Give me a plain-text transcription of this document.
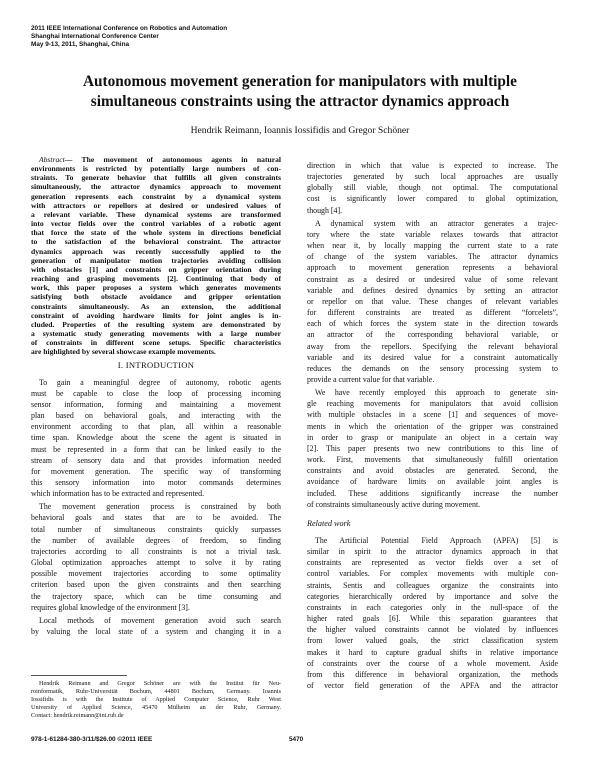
2011 IEEE International Conference on Robotics and Automation
Shanghai International Conference Center
May 9-13, 2011, Shanghai, China
Autonomous movement generation for manipulators with multiple
simultaneous constraints using the attractor dynamics approach
Hendrik Reimann, Ioannis Iossifidis and Gregor Schöner
Abstract— The movement of autonomous agents in natural
environments is restricted by potentially large numbers of con-
straints. To generate behavior that fulfills all given constraints
simultaneously, the attractor dynamics approach to movement
generation represents each constraint by a dynamical system
with attractors or repellors at desired or undesired values of
a relevant variable. These dynamical systems are transformed
into vector fields over the control variables of a robotic agent
that force the state of the whole system in directions beneficial
to the satisfaction of the behavioral constraint. The attractor
dynamics approach was recently successfully applied to the
generation of manipulator motion trajectories avoiding collision
with obstacles [1] and constraints on gripper orientation during
reaching and grasping movements [2]. Continuing that body of
work, this paper proposes a system which generates movements
satisfying both obstacle avoidance and gripper orientation
constraints simultaneously. As an extension, the additional
constraint of avoiding hardware limits for joint angles is in-
cluded. Properties of the resulting system are demonstrated by
a systematic study generating movements with a large number
of constraints in different scene setups. Specific characteristics
are highlighted by several showcase example movements.
I. INTRODUCTION
To gain a meaningful degree of autonomy, robotic agents
must be capable to close the loop of processing incoming
sensor information, forming and maintaining a movement
plan based on behavioral goals, and interacting with the
environment according to that plan, all within a reasonable
time span. Knowledge about the scene the agent is situated in
must be represented in a form that can be linked easily to the
stream of sensory data and that provides information needed
for movement generation. The specific way of transforming
this sensory information into motor commands determines
which information has to be extracted and represented.
The movement generation process is constrained by both
behavioral goals and states that are to be avoided. The
total number of simultaneous constraints quickly surpasses
the number of available degrees of freedom, so finding
trajectories according to all constraints is not a trivial task.
Global optimization approaches attempt to solve it by rating
possible movement trajectories according to some optimality
criterion based upon the given constraints and then searching
the trajectory space, which can be time consuming and
requires global knowledge of the environment [3].
Local methods of movement generation avoid such search
by valuing the local state of a system and changing it in a
Hendrik Reimann and Gregor Schöner are with the Institut für Neu-
roinformatik, Ruhr-Universität Bochum, 44801 Bochum, Germany. Ioannis
Iossifidis is with the Institute of Applied Computer Science, Ruhr West
University of Applied Science, 45470 Mülheim an der Ruhr, Germany.
Contact: hendrik.reimann@ini.rub.de
direction in which that value is expected to increase. The
trajectories generated by such local approaches are usually
globally still viable, though not optimal. The computational
cost is significantly lower compared to global optimization,
though [4].
A dynamical system with an attractor generates a trajec-
tory where the state variable relaxes towards that attractor
when near it, by locally mapping the current state to a rate
of change of the system variables. The attractor dynamics
approach to movement generation represents a behavioral
constraint as a desired or undesired value of some relevant
variable and defines desired dynamics by setting an attractor
or repellor on that value. These changes of relevant variables
for different constraints are treated as different “forcelets”,
each of which forces the system state in the direction towards
an attractor of the corresponding behavioral variable, or
away from the repellors. Specifying the relevant behavioral
variable and its desired value for a constraint automatically
reduces the demands on the sensory processing system to
provide a current value for that variable.
We have recently employed this approach to generate sin-
gle reaching movements for manipulators that avoid collision
with multiple obstacles in a scene [1] and sequences of move-
ments in which the orientation of the gripper was constrained
in order to grasp or manipulate an object in a certain way
[2]. This paper presents two new contributions to this line of
work. First, movements that simultaneously fulfill orientation
constraints and avoid obstacles are generated. Second, the
avoidance of hardware limits on available joint angles is
included. These additions significantly increase the number
of constraints simultaneously active during movement.
Related work
The Artificial Potential Field Approach (APFA) [5] is
similar in spirit to the attractor dynamics approach in that
constraints are represented as vector fields over a set of
control variables. For complex movements with multiple con-
straints, Sentis and colleagues organize the constraints into
categories hierarchically ordered by importance and solve the
constraints in each categories only in the null-space of the
higher rated goals [6]. While this separation guarantees that
the higher valued constraints cannot be violated by influences
from lower valued goals, the strict classification system
makes it hard to capture gradual shifts in relative importance
of constraints over the course of a whole movement. Aside
from this difference in behavioral organization, the methods
of vector field generation of the APFA and the attractor
978-1-61284-380-3/11/$26.00 ©2011 IEEE	5470
